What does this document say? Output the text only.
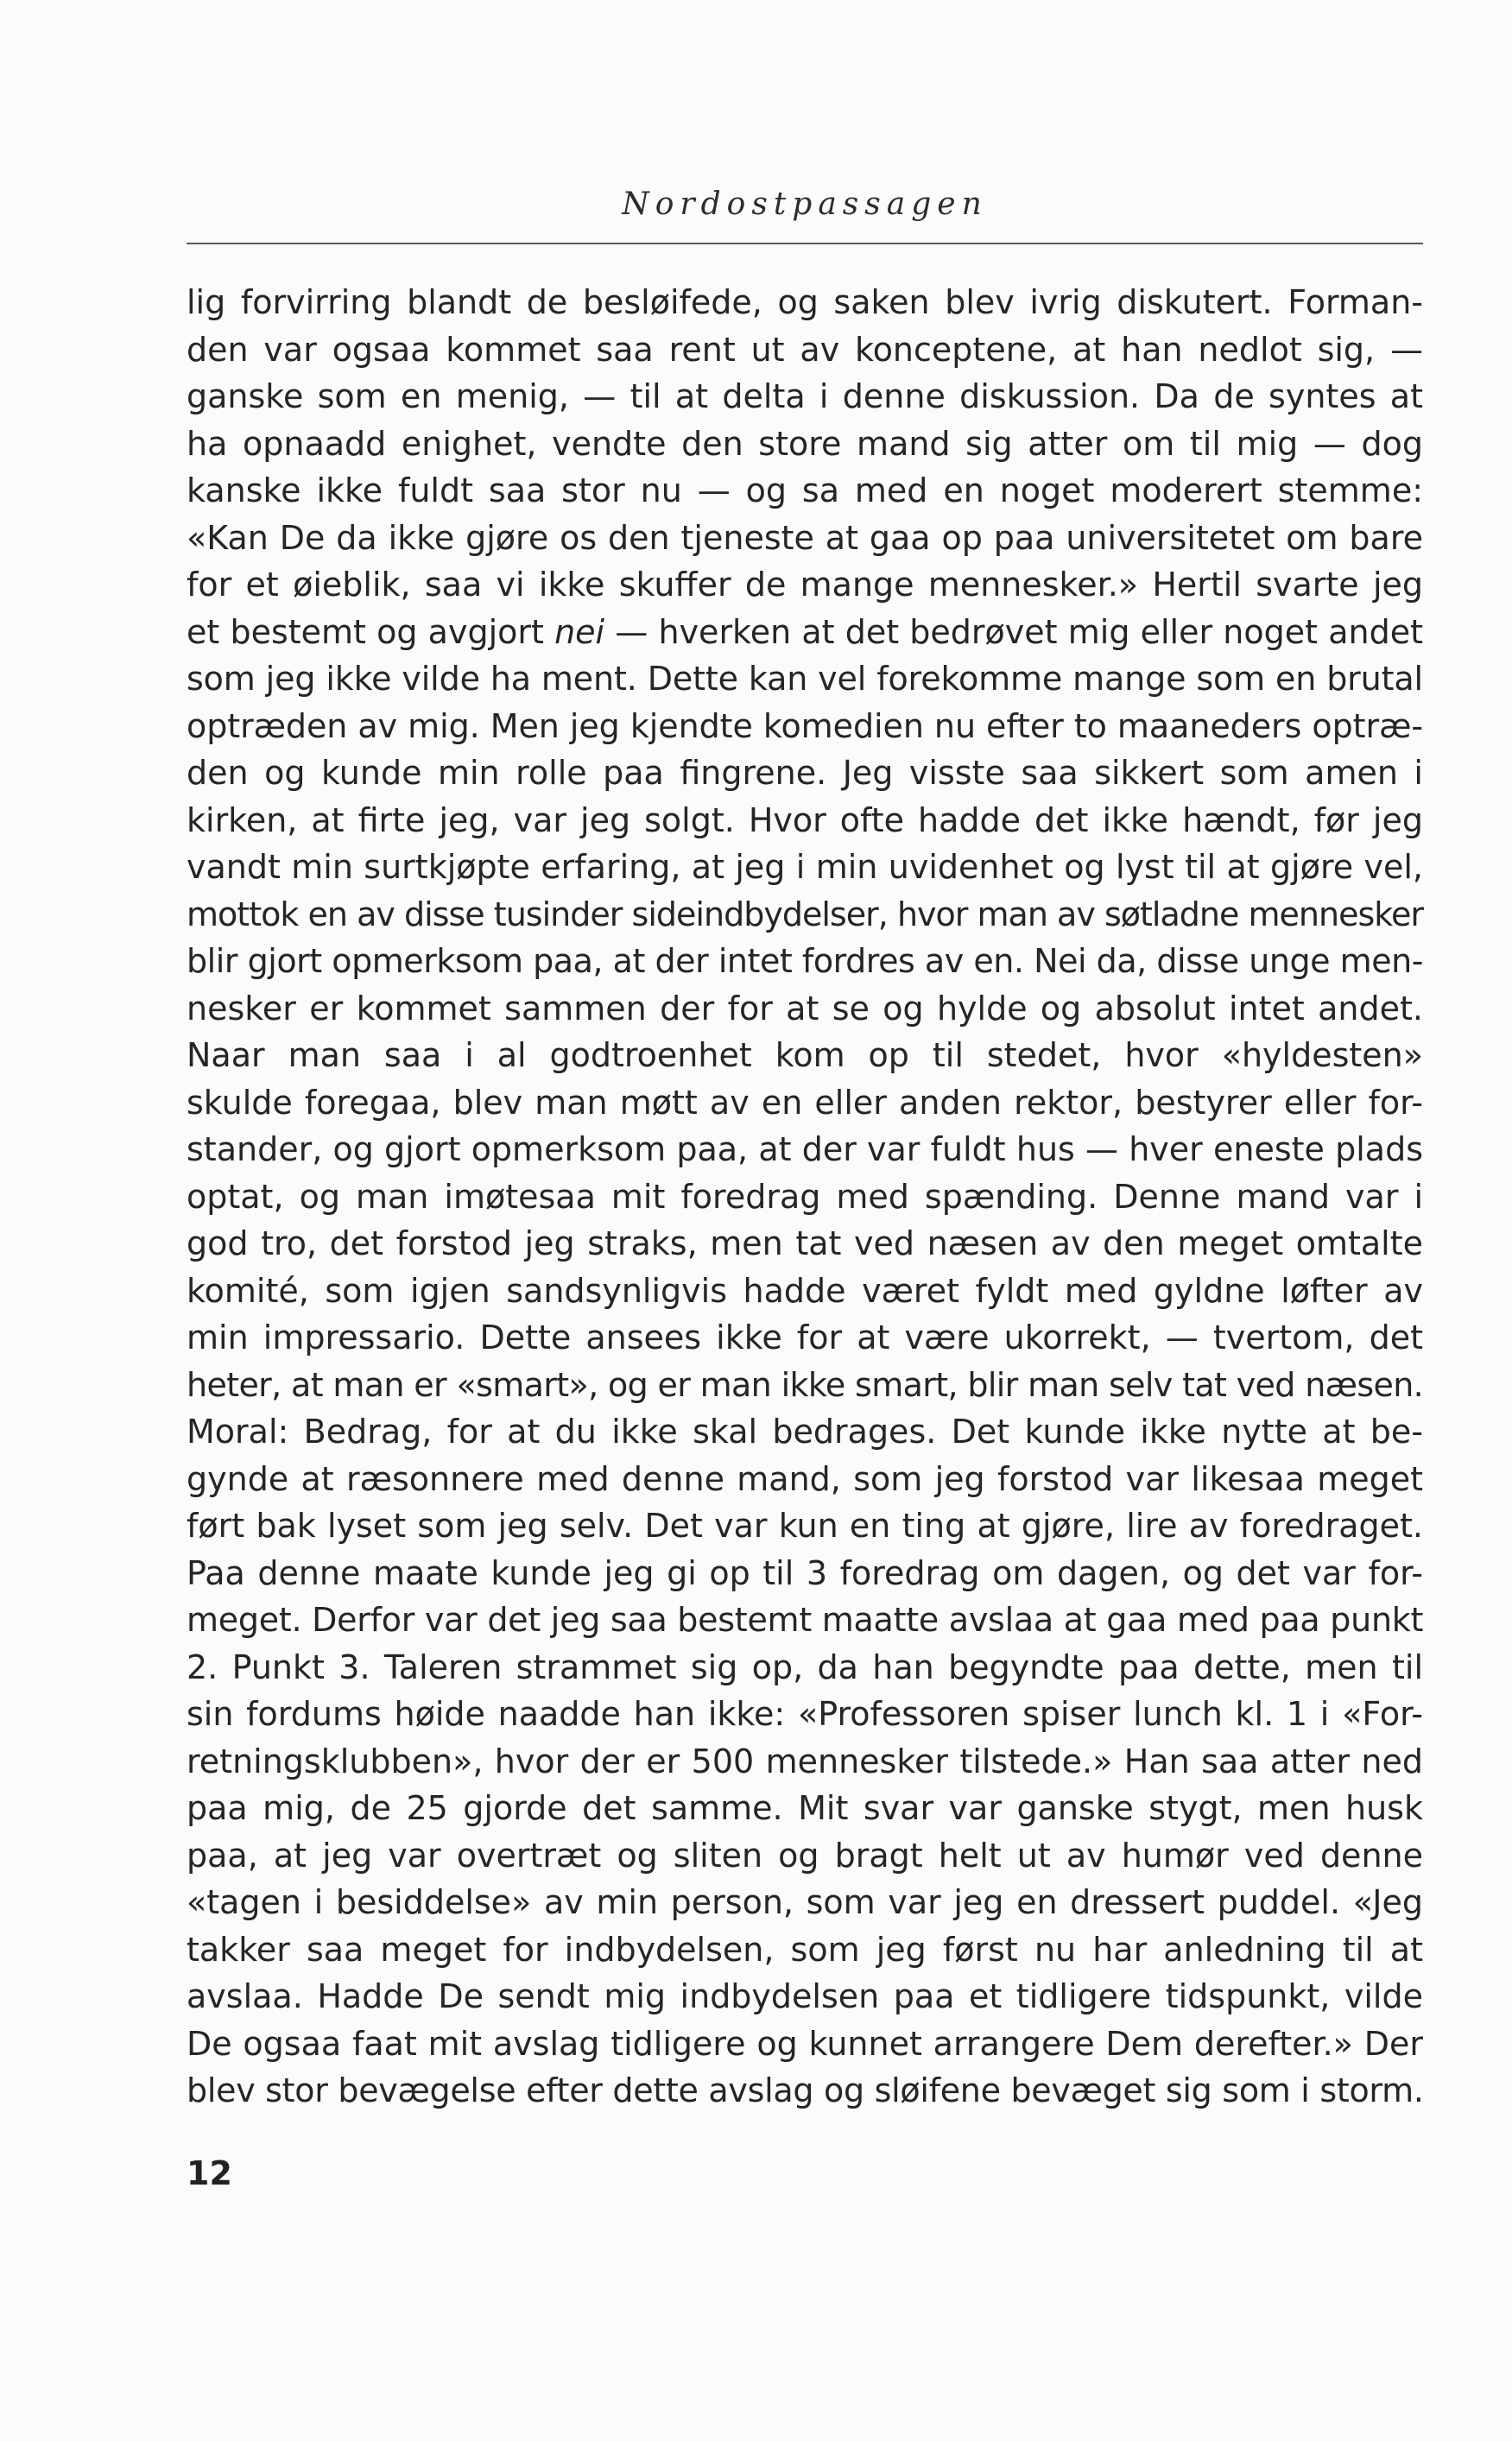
Nordostpassagen
lig forvirring blandt de besløifede, og saken blev ivrig diskutert. Forman-
den var ogsaa kommet saa rent ut av konceptene, at han nedlot sig, —
ganske som en menig, — til at delta i denne diskussion. Da de syntes at
ha opnaadd enighet, vendte den store mand sig atter om til mig — dog
kanske ikke fuldt saa stor nu — og sa med en noget moderert stemme:
«Kan De da ikke gjøre os den tjeneste at gaa op paa universitetet om bare
for et øieblik, saa vi ikke skuffer de mange mennesker.» Hertil svarte jeg
et bestemt og avgjort nei — hverken at det bedrøvet mig eller noget andet
som jeg ikke vilde ha ment. Dette kan vel forekomme mange som en brutal
optræden av mig. Men jeg kjendte komedien nu efter to maaneders optræ-
den og kunde min rolle paa fingrene. Jeg visste saa sikkert som amen i
kirken, at firte jeg, var jeg solgt. Hvor ofte hadde det ikke hændt, før jeg
vandt min surtkjøpte erfaring, at jeg i min uvidenhet og lyst til at gjøre vel,
mottok en av disse tusinder sideindbydelser, hvor man av søtladne mennesker
blir gjort opmerksom paa, at der intet fordres av en. Nei da, disse unge men-
nesker er kommet sammen der for at se og hylde og absolut intet andet.
Naar man saa i al godtroenhet kom op til stedet, hvor «hyldesten»
skulde foregaa, blev man møtt av en eller anden rektor, bestyrer eller for-
stander, og gjort opmerksom paa, at der var fuldt hus — hver eneste plads
optat, og man imøtesaa mit foredrag med spænding. Denne mand var i
god tro, det forstod jeg straks, men tat ved næsen av den meget omtalte
komité, som igjen sandsynligvis hadde været fyldt med gyldne løfter av
min impressario. Dette ansees ikke for at være ukorrekt, — tvertom, det
heter, at man er «smart», og er man ikke smart, blir man selv tat ved næsen.
Moral: Bedrag, for at du ikke skal bedrages. Det kunde ikke nytte at be-
gynde at ræsonnere med denne mand, som jeg forstod var likesaa meget
ført bak lyset som jeg selv. Det var kun en ting at gjøre, lire av foredraget.
Paa denne maate kunde jeg gi op til 3 foredrag om dagen, og det var for-
meget. Derfor var det jeg saa bestemt maatte avslaa at gaa med paa punkt
2. Punkt 3. Taleren strammet sig op, da han begyndte paa dette, men til
sin fordums høide naadde han ikke: «Professoren spiser lunch kl. 1 i «For-
retningsklubben», hvor der er 500 mennesker tilstede.» Han saa atter ned
paa mig, de 25 gjorde det samme. Mit svar var ganske stygt, men husk
paa, at jeg var overtræt og sliten og bragt helt ut av humør ved denne
«tagen i besiddelse» av min person, som var jeg en dressert puddel. «Jeg
takker saa meget for indbydelsen, som jeg først nu har anledning til at
avslaa. Hadde De sendt mig indbydelsen paa et tidligere tidspunkt, vilde
De ogsaa faat mit avslag tidligere og kunnet arrangere Dem derefter.» Der
blev stor bevægelse efter dette avslag og sløifene bevæget sig som i storm.
12
